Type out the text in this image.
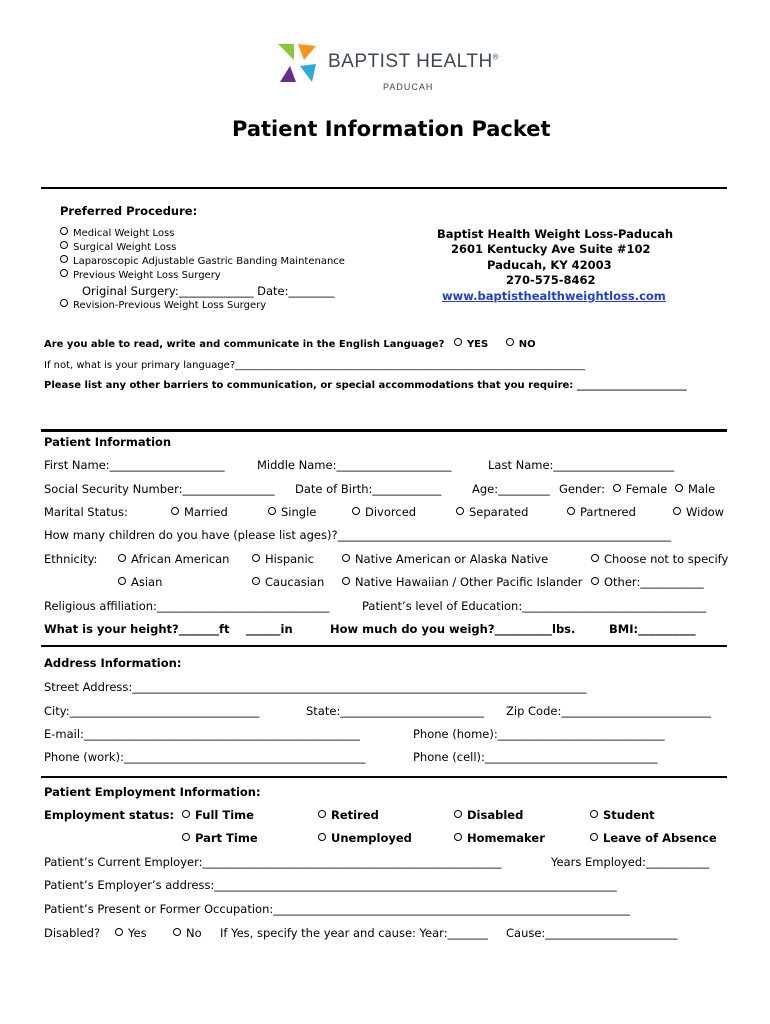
BAPTIST HEALTH®
PADUCAH
Patient Information Packet
Preferred Procedure:
Medical Weight Loss
Surgical Weight Loss
Laparoscopic Adjustable Gastric Banding Maintenance
Previous Weight Loss Surgery
Original Surgery:_____________ Date:________
Revision-Previous Weight Loss Surgery
Baptist Health Weight Loss-Paducah
2601 Kentucky Ave Suite #102
Paducah, KY 42003
270-575-8462
www.baptisthealthweightloss.com
Are you able to read, write and communicate in the English Language? YES	NO
If not, what is your primary language?______________________________________________________________________
Please list any other barriers to communication, or special accommodations that you require: ______________________
Patient Information
First Name:____________________	Middle Name:____________________	Last Name:_____________________
Social Security Number:________________ Date of Birth:____________	Age:_________ Gender: Female Male
Marital Status:	Married	Single	Divorced	Separated	Partnered	Widow
How many children do you have (please list ages)?__________________________________________________________
Ethnicity:	African American	Hispanic	Native American or Alaska Native	Choose not to specify
Asian	Caucasian	Native Hawaiian / Other Pacific Islander	Other:___________
Religious affiliation:______________________________	Patient’s level of Education:________________________________
What is your height?_______ft ______in	How much do you weigh?__________lbs.	BMI:__________
Address Information:
Street Address:_______________________________________________________________________________
City:_________________________________	State:_________________________ Zip Code:__________________________
E-mail:________________________________________________	Phone (home):_____________________________
Phone (work):__________________________________________	Phone (cell):______________________________
Patient Employment Information:
Employment status:	Full Time	Retired	Disabled	Student
Part Time	Unemployed	Homemaker	Leave of Absence
Patient’s Current Employer:____________________________________________________	Years Employed:___________
Patient’s Employer’s address:______________________________________________________________________
Patient’s Present or Former Occupation:______________________________________________________________
Disabled?	Yes	No If Yes, specify the year and cause: Year:_______ Cause:_______________________
